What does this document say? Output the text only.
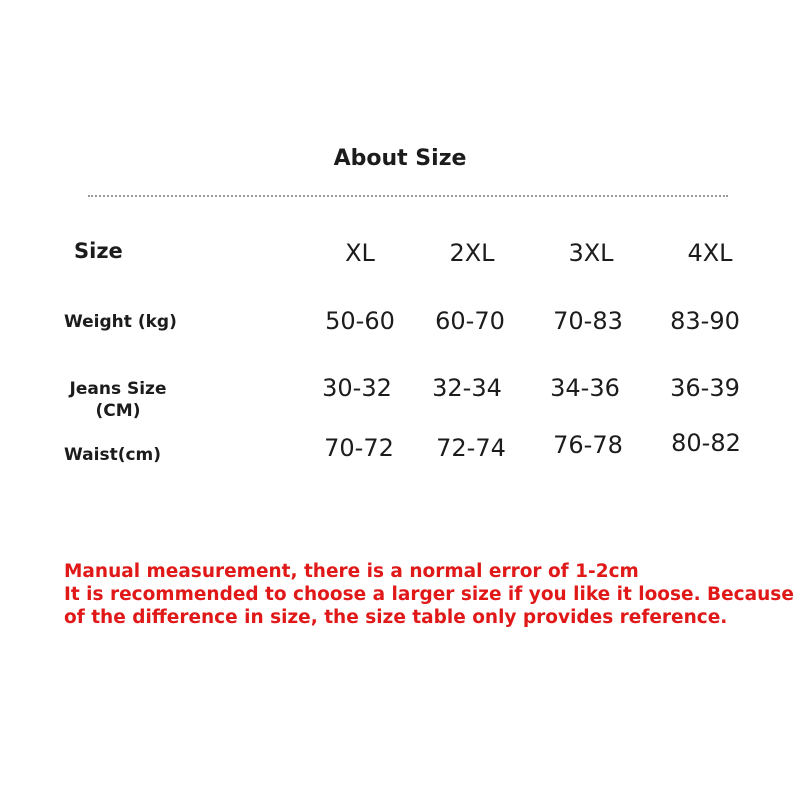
About Size
Size	XL	2XL	3XL	4XL
Weight (kg)	50-60	60-70	70-83	83-90
Jeans Size
(CM)
30-32	32-34	34-36	36-39
Waist(cm)	70-72	72-74	76-78	80-82
Manual measurement, there is a normal error of 1-2cm
It is recommended to choose a larger size if you like it loose. Because
of the difference in size, the size table only provides reference.
